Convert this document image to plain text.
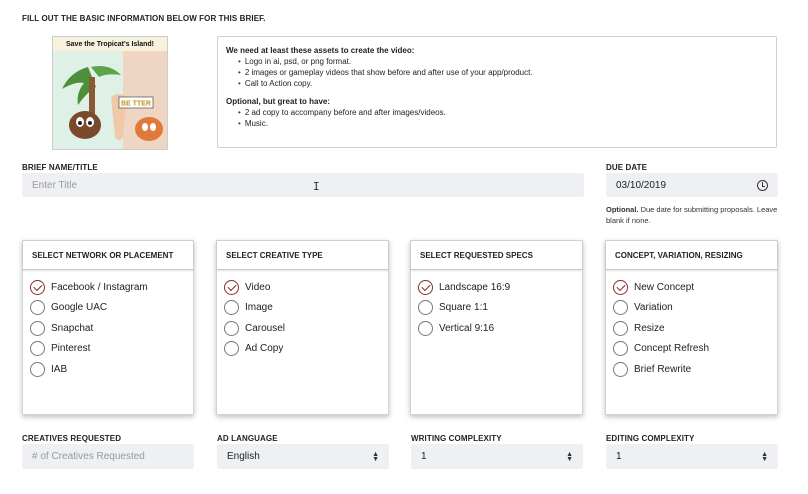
FILL OUT THE BASIC INFORMATION BELOW FOR THIS BRIEF.
Save the Tropicat's Island!
BE TTER
We need at least these assets to create the video:
• Logo in ai, psd, or png format.
• 2 images or gameplay videos that show before and after use of your app/product.
• Call to Action copy.
Optional, but great to have:
• 2 ad copy to accompany before and after images/videos.
• Music.
BRIEF NAME/TITLE
Enter Title	I
DUE DATE
03/10/2019
Optional. Due date for submitting proposals. Leave blank if none.
SELECT NETWORK OR PLACEMENT
Facebook / Instagram
Google UAC
Snapchat
Pinterest
IAB
SELECT CREATIVE TYPE
Video
Image
Carousel
Ad Copy
SELECT REQUESTED SPECS
Landscape 16:9
Square 1:1
Vertical 9:16
CONCEPT, VARIATION, RESIZING
New Concept
Variation
Resize
Concept Refresh
Brief Rewrite
CREATIVES REQUESTED
# of Creatives Requested
AD LANGUAGE
English	▲
▼
WRITING COMPLEXITY
1	▲
▼
EDITING COMPLEXITY
1	▲
▼
